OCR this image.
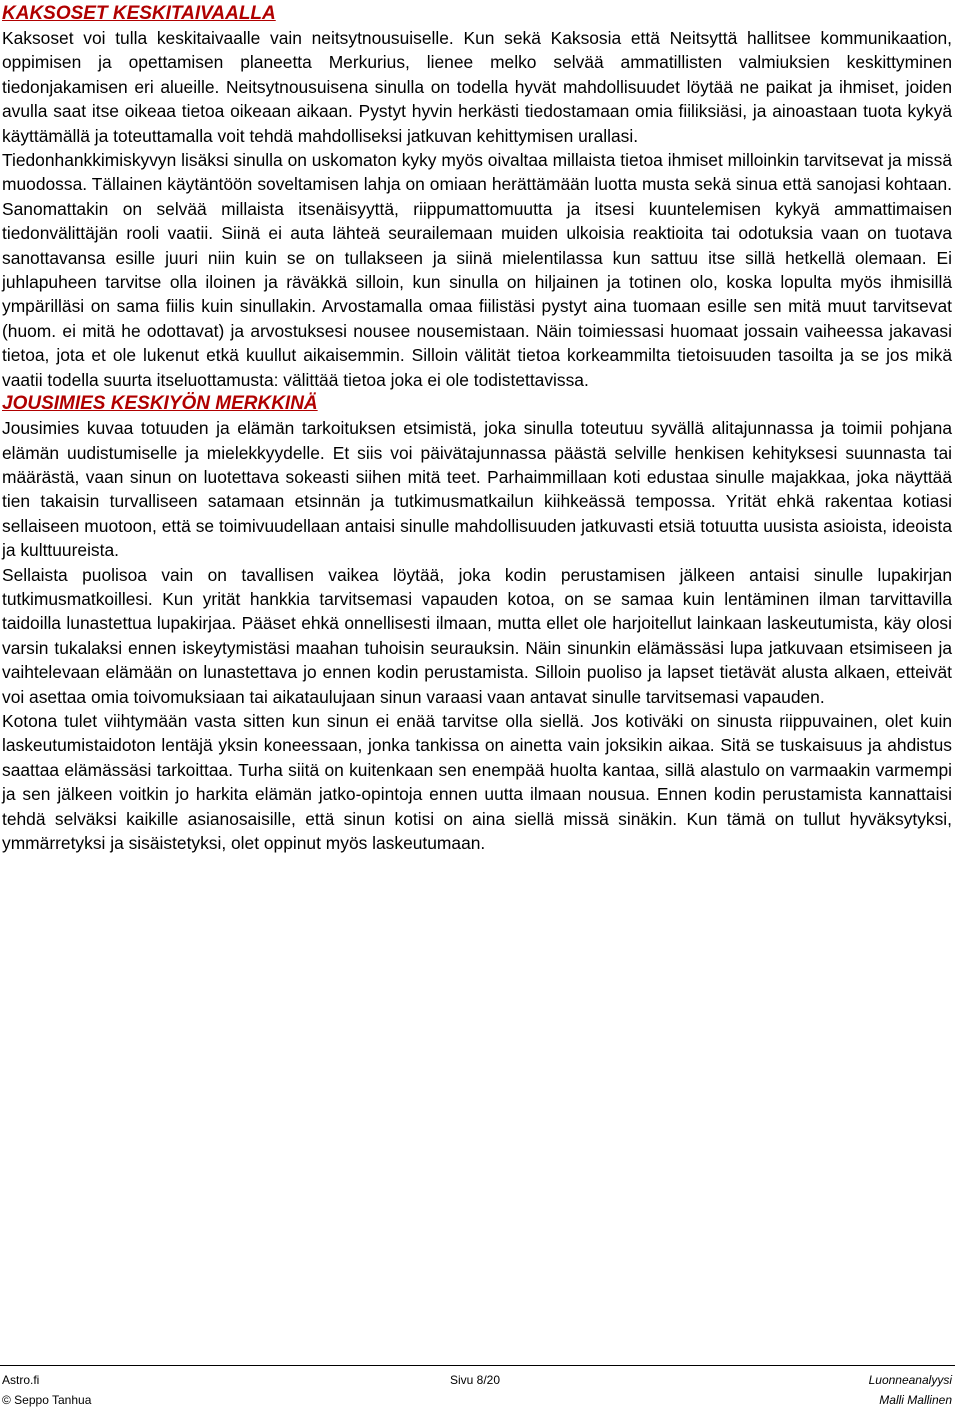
KAKSOSET KESKITAIVAALLA

Kaksoset voi tulla keskitaivaalle vain neitsytnousuiselle. Kun sekä Kaksosia että Neitsyttä hallitsee kommunikaation, oppimisen ja opettamisen planeetta Merkurius, lienee melko selvää ammatillisten valmiuksien keskittyminen tiedonjakamisen eri alueille. Neitsytnousuisena sinulla on todella hyvät mahdollisuudet löytää ne paikat ja ihmiset, joiden avulla saat itse oikeaa tietoa oikeaan aikaan. Pystyt hyvin herkästi tiedostamaan omia fiiliksiäsi, ja ainoastaan tuota kykyä käyttämällä ja toteuttamalla voit tehdä mahdolliseksi jatkuvan kehittymisen urallasi.

Tiedonhankkimiskyvyn lisäksi sinulla on uskomaton kyky myös oivaltaa millaista tietoa ihmiset milloinkin tarvitsevat ja missä muodossa. Tällainen käytäntöön soveltamisen lahja on omiaan herättämään luotta musta sekä sinua että sanojasi kohtaan. Sanomattakin on selvää millaista itsenäisyyttä, riippumattomuutta ja itsesi kuuntelemisen kykyä ammattimaisen tiedonvälittäjän rooli vaatii. Siinä ei auta lähteä seurailemaan muiden ulkoisia reaktioita tai odotuksia vaan on tuotava sanottavansa esille juuri niin kuin se on tullakseen ja siinä mielentilassa kun sattuu itse sillä hetkellä olemaan. Ei juhlapuheen tarvitse olla iloinen ja räväkkä silloin, kun sinulla on hiljainen ja totinen olo, koska lopulta myös ihmisillä ympärilläsi on sama fiilis kuin sinullakin. Arvostamalla omaa fiilistäsi pystyt aina tuomaan esille sen mitä muut tarvitsevat (huom. ei mitä he odottavat) ja arvostuksesi nousee nousemistaan. Näin toimiessasi huomaat jossain vaiheessa jakavasi tietoa, jota et ole lukenut etkä kuullut aikaisemmin. Silloin välität tietoa korkeammilta tietoisuuden tasoilta ja se jos mikä vaatii todella suurta itseluottamusta: välittää tietoa joka ei ole todistettavissa.

JOUSIMIES KESKIYÖN MERKKINÄ

Jousimies kuvaa totuuden ja elämän tarkoituksen etsimistä, joka sinulla toteutuu syvällä alitajunnassa ja toimii pohjana elämän uudistumiselle ja mielekkyydelle. Et siis voi päivätajunnassa päästä selville henkisen kehityksesi suunnasta tai määrästä, vaan sinun on luotettava sokeasti siihen mitä teet. Parhaimmillaan koti edustaa sinulle majakkaa, joka näyttää tien takaisin turvalliseen satamaan etsinnän ja tutkimusmatkailun kiihkeässä tempossa. Yrität ehkä rakentaa kotiasi sellaiseen muotoon, että se toimivuudellaan antaisi sinulle mahdollisuuden jatkuvasti etsiä totuutta uusista asioista, ideoista ja kulttuureista.

Sellaista puolisoa vain on tavallisen vaikea löytää, joka kodin perustamisen jälkeen antaisi sinulle lupakirjan tutkimusmatkoillesi. Kun yrität hankkia tarvitsemasi vapauden kotoa, on se samaa kuin lentäminen ilman tarvittavilla taidoilla lunastettua lupakirjaa. Pääset ehkä onnellisesti ilmaan, mutta ellet ole harjoitellut lainkaan laskeutumista, käy olosi varsin tukalaksi ennen iskeytymistäsi maahan tuhoisin seurauksin. Näin sinunkin elämässäsi lupa jatkuvaan etsimiseen ja vaihtelevaan elämään on lunastettava jo ennen kodin perustamista. Silloin puoliso ja lapset tietävät alusta alkaen, etteivät voi asettaa omia toivomuksiaan tai aikataulujaan sinun varaasi vaan antavat sinulle tarvitsemasi vapauden.

Kotona tulet viihtymään vasta sitten kun sinun ei enää tarvitse olla siellä. Jos kotiväki on sinusta riippuvainen, olet kuin laskeutumistaidoton lentäjä yksin koneessaan, jonka tankissa on ainetta vain joksikin aikaa. Sitä se tuskaisuus ja ahdistus saattaa elämässäsi tarkoittaa. Turha siitä on kuitenkaan sen enempää huolta kantaa, sillä alastulo on varmaakin varmempi ja sen jälkeen voitkin jo harkita elämän jatko-opintoja ennen uutta ilmaan nousua. Ennen kodin perustamista kannattaisi tehdä selväksi kaikille asianosaisille, että sinun kotisi on aina siellä missä sinäkin. Kun tämä on tullut hyväksytyksi, ymmärretyksi ja sisäistetyksi, olet oppinut myös laskeutumaan.

Astro.fi	Sivu 8/20	Luonneanalyysi
© Seppo Tanhua	Malli Mallinen
